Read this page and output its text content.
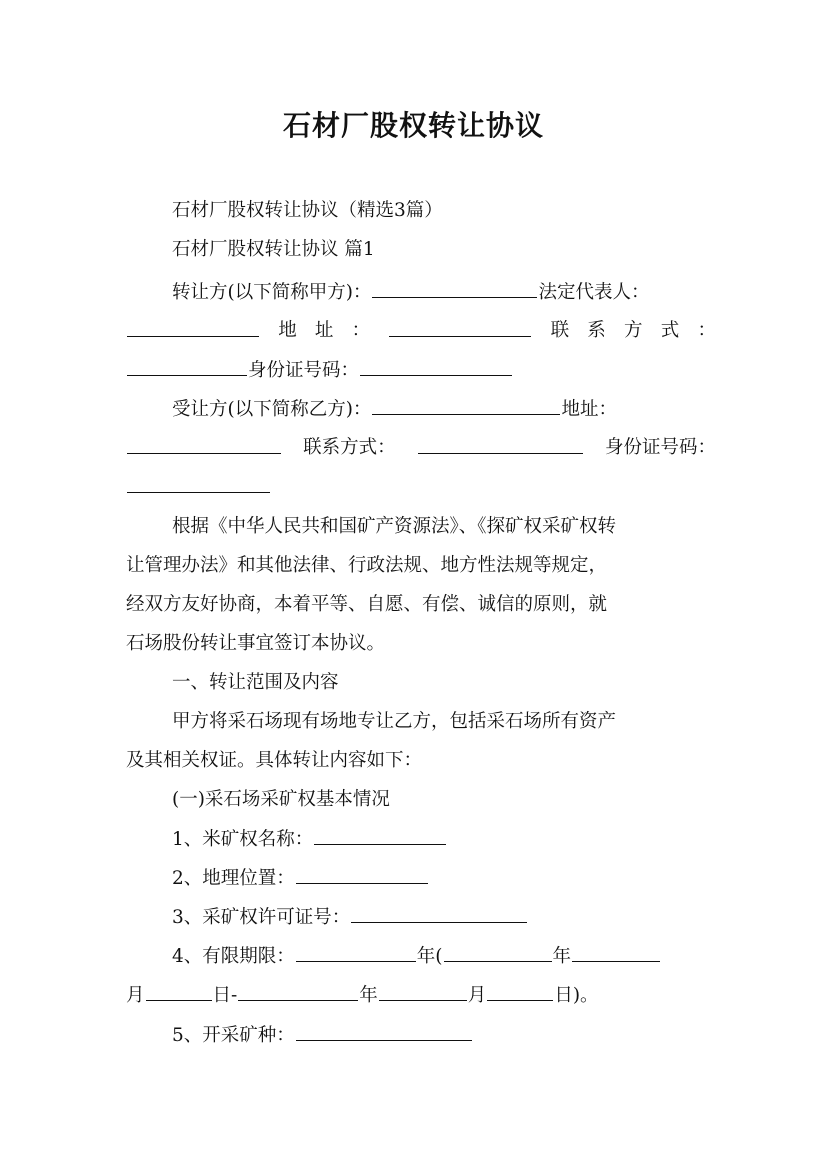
石材厂股权转让协议
石材厂股权转让协议（精选3篇）
石材厂股权转让协议 篇1
转让方(以下简称甲方)：	法定代表人：
地 址 ：	联 系 方 式 ：
身份证号码：
受让方(以下简称乙方)：	地址：
联系方式：	身份证号码：
根据《中华人民共和国矿产资源法》、《探矿权采矿权转
让管理办法》和其他法律、行政法规、地方性法规等规定，
经双方友好协商，本着平等、自愿、有偿、诚信的原则，就
石场股份转让事宜签订本协议。
一、转让范围及内容
甲方将采石场现有场地专让乙方，包括采石场所有资产
及其相关权证。具体转让内容如下：
(一)采石场采矿权基本情况
1、米矿权名称：
2、地理位置：
3、采矿权许可证号：
4、有限期限：	年(	年
月	日-	年	月	日)。
5、开采矿种：
